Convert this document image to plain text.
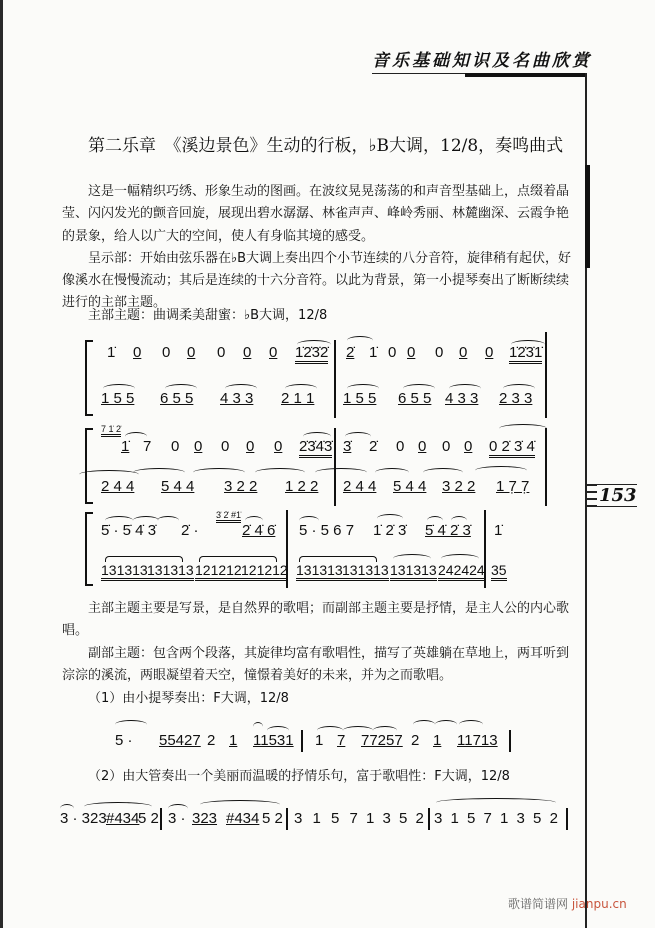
音乐基础知识及名曲欣赏
153
第二乐章　《溪边景色》生动的行板，♭B大调，12/8，奏鸣曲式

这是一幅精织巧绣、形象生动的图画。在波纹晃晃荡荡的和声音型基础上，点缀着晶莹、闪闪发光的颤音回旋，展现出碧水潺潺、林雀声声、峰岭秀丽、林麓幽深、云霞争艳的景象，给人以广大的空间，使人有身临其境的感受。

呈示部：开始由弦乐器在♭B大调上奏出四个小节连续的八分音符，旋律稍有起伏，好像溪水在慢慢流动；其后是连续的十六分音符。以此为背景，第一小提琴奏出了断断续续进行的主部主题。

主部主题：曲调柔美甜蜜：♭B大调，12/8
1̇ 0 0 0 0 0 0 1̇2̇3̇2̇ 2̇ 1̇ 0 0 0 0 0 1̇2̇3̇1̇
1 5 5 6 5 5 4 3 3 2 1 1 1 5 5 6 5 5 4 3 3 2 3 3
7 1̇ 2̇
1̇ 7 0 0 0 0 0 2̇3̇4̇3̇ 3̇ 2̇ 0 0 0 0 0 2̇ 3̇ 4̇
2 4 4 5 4 4 3 2 2 1 2 2 2 4 4 5 4 4 3 2 2 1 7̣ 7̣
5̇ · 5̇ 4̇ 3̇ 2̇ ·
3̇ 2̇ #1̇
2̇ 4̇ 6̇ 5 · 5 6 7 1̇ 2̇ 3̇ 5̇ 4̇ 2̇ 3̇ 1̇
131313 131313 121212 121212 131313 131313 131313 242424 35

主部主题主要是写景，是自然界的歌唱；而副部主题主要是抒情，是主人公的内心歌唱。

副部主题：包含两个段落，其旋律均富有歌唱性，描写了英雄躺在草地上，两耳听到淙淙的溪流，两眼凝望着天空，憧憬着美好的未来，并为之而歌唱。

（1）由小提琴奏出：F大调，12/8
5 · 55427 2 1 11531 1 7 77257 2 1 11713
（2）由大管奏出一个美丽而温暖的抒情乐句，富于歌唱性：F大调，12/8
3 · 323 #434
5 2 3 · 323 #434 5 2 3 1 5 7 1 3 5 2 3 1 5 7 1 3 5 2
歌谱简谱网 jianpu.cn
